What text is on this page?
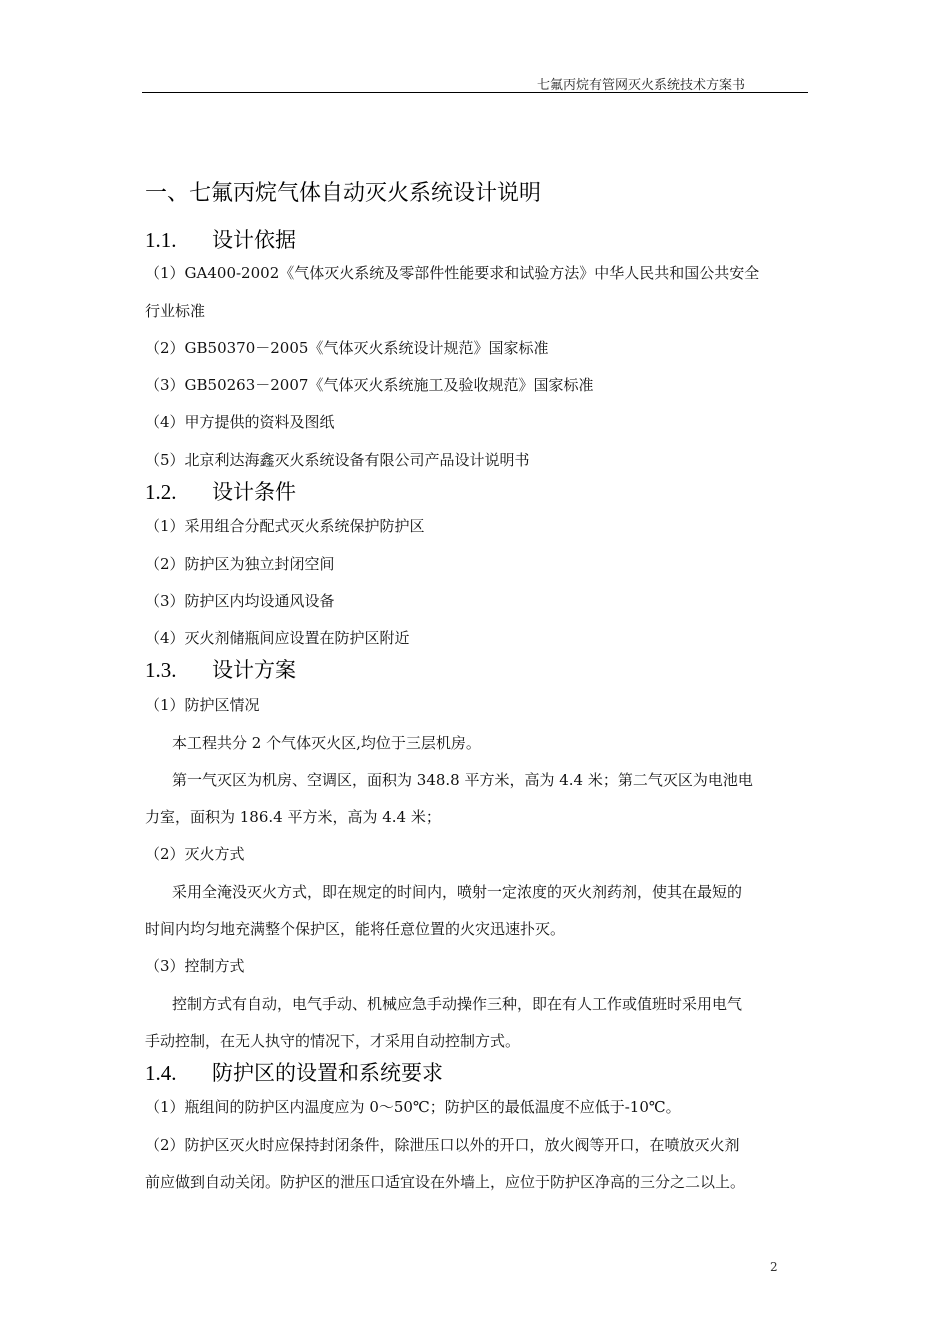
七氟丙烷有管网灭火系统技术方案书
一、七氟丙烷气体自动灭火系统设计说明
1.1. 设计依据
（1）GA400-2002《气体灭火系统及零部件性能要求和试验方法》中华人民共和国公共安全
行业标准
（2）GB50370－2005《气体灭火系统设计规范》国家标准
（3）GB50263－2007《气体灭火系统施工及验收规范》国家标准
（4）甲方提供的资料及图纸
（5）北京利达海鑫灭火系统设备有限公司产品设计说明书
1.2. 设计条件
（1）采用组合分配式灭火系统保护防护区
（2）防护区为独立封闭空间
（3）防护区内均设通风设备
（4）灭火剂储瓶间应设置在防护区附近
1.3. 设计方案
（1）防护区情况
本工程共分 2 个气体灭火区,均位于三层机房。
第一气灭区为机房、空调区，面积为 348.8 平方米，高为 4.4 米；第二气灭区为电池电
力室，面积为 186.4 平方米，高为 4.4 米；
（2）灭火方式
采用全淹没灭火方式，即在规定的时间内，喷射一定浓度的灭火剂药剂，使其在最短的
时间内均匀地充满整个保护区，能将任意位置的火灾迅速扑灭。
（3）控制方式
控制方式有自动，电气手动、机械应急手动操作三种，即在有人工作或值班时采用电气
手动控制，在无人执守的情况下，才采用自动控制方式。
1.4. 防护区的设置和系统要求
（1）瓶组间的防护区内温度应为 0～50℃；防护区的最低温度不应低于-10℃。
（2）防护区灭火时应保持封闭条件，除泄压口以外的开口，放火阀等开口，在喷放灭火剂
前应做到自动关闭。防护区的泄压口适宜设在外墙上，应位于防护区净高的三分之二以上。
2
